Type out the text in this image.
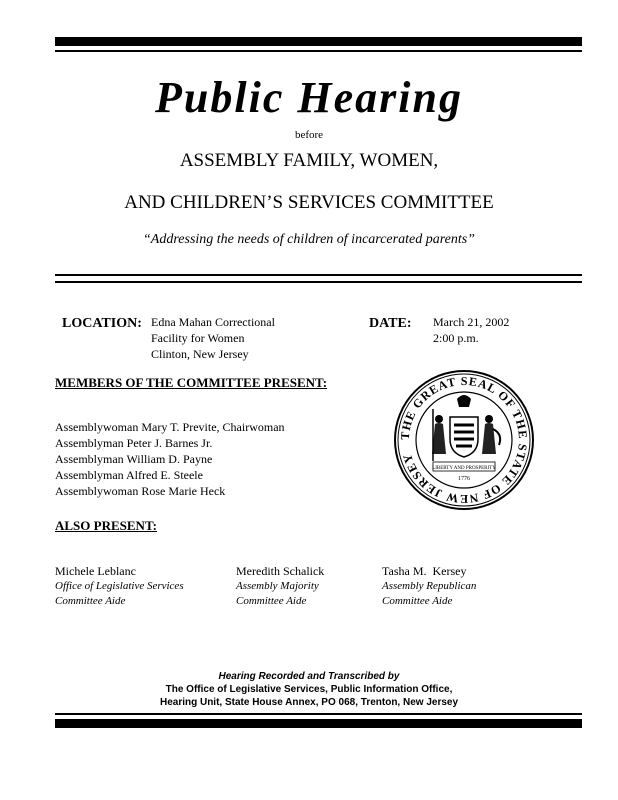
Public Hearing
before
ASSEMBLY FAMILY, WOMEN,
AND CHILDREN’S SERVICES COMMITTEE
“Addressing the needs of children of incarcerated parents”
LOCATION: Edna Mahan Correctional
Facility for Women
Clinton, New Jersey
DATE: March 21, 2002
2:00 p.m.
MEMBERS OF THE COMMITTEE PRESENT:
Assemblywoman Mary T. Previte, Chairwoman
Assemblyman Peter J. Barnes Jr.
Assemblyman William D. Payne
Assemblyman Alfred E. Steele
Assemblywoman Rose Marie Heck
THE GREAT SEAL OF THE STATE OF NEW JERSEY
LIBERTY AND PROSPERITY
1776
ALSO PRESENT:
Michele Leblanc
Office of Legislative Services
Committee Aide
Meredith Schalick
Assembly Majority
Committee Aide
Tasha M.  Kersey
Assembly Republican
Committee Aide
Hearing Recorded and Transcribed by
The Office of Legislative Services, Public Information Office,
Hearing Unit, State House Annex, PO 068, Trenton, New Jersey
